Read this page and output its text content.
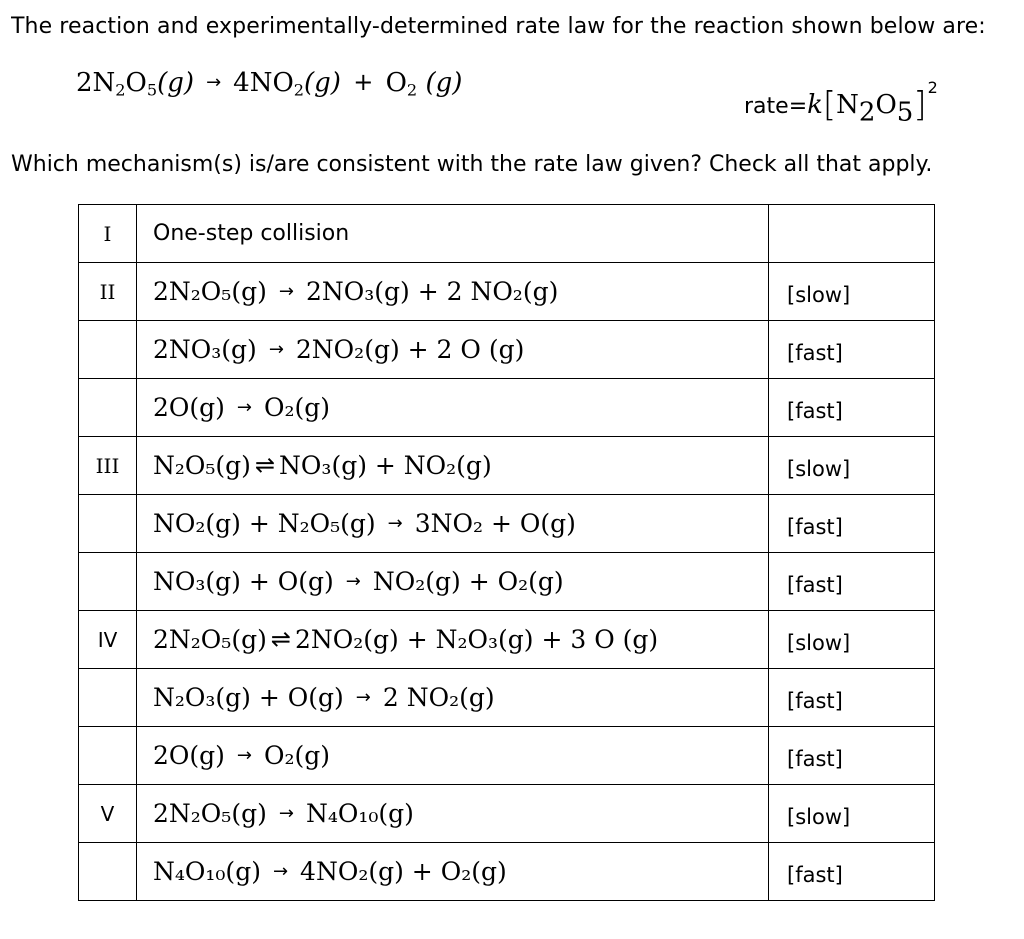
The reaction and experimentally-determined rate law for the reaction shown below are:
$2N_2O_5(g) \to 4NO_2(g) + O_2$ (g)
$rate=k[N_2O_5]^2$
Which mechanism(s) is/are consistent with the rate law given? Check all that apply.
I	One-step collision	
II	2N₂O₅(g) → 2NO₃(g) + 2 NO₂(g)	[slow]
	2NO₃(g) → 2NO₂(g) + 2 O (g)	[fast]
	2O(g) → O₂(g)	[fast]
III	N₂O₅(g) ⇌ NO₃(g) + NO₂(g)	[slow]
	NO₂(g) + N₂O₅(g) → 3NO₂ + O(g)	[fast]
	NO₃(g) + O(g) → NO₂(g) + O₂(g)	[fast]
IV	2N₂O₅(g) ⇌ 2NO₂(g) + N₂O₃(g) + 3 O (g)	[slow]
	N₂O₃(g) + O(g) → 2 NO₂(g)	[fast]
	2O(g) → O₂(g)	[fast]
V	2N₂O₅(g) → N₄O₁₀(g)	[slow]
	N₄O₁₀(g) → 4NO₂(g) + O₂(g)	[fast]
